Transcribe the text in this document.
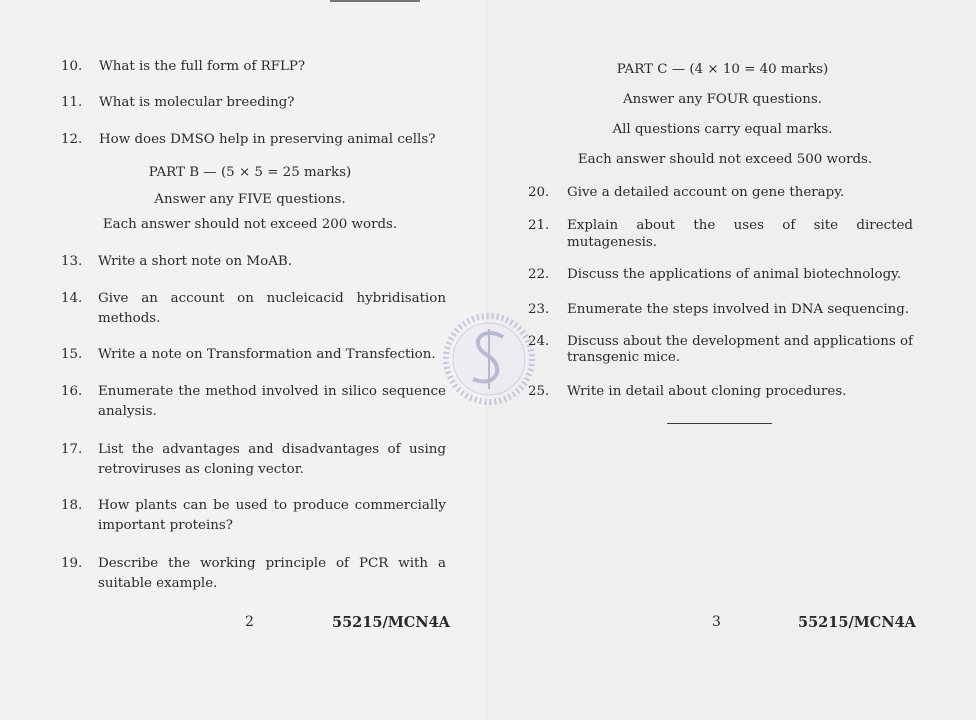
10. What is the full form of RFLP?
11. What is molecular breeding?
12. How does DMSO help in preserving animal cells?
PART B — (5 × 5 = 25 marks)
Answer any FIVE questions.
Each answer should not exceed 200 words.
13. Write a short note on MoAB.
14. Give an account on nucleicacid hybridisation
methods.
15. Write a note on Transformation and Transfection.
16. Enumerate the method involved in silico sequence
analysis.
17. List the advantages and disadvantages of using
retroviruses as cloning vector.
18. How plants can be used to produce commercially
important proteins?
19. Describe the working principle of PCR with a
suitable example.
2	55215/MCN4A
PART C — (4 × 10 = 40 marks)
Answer any FOUR questions.
All questions carry equal marks.
Each answer should not exceed 500 words.
20. Give a detailed account on gene therapy.
21. Explain about the uses of site directed
mutagenesis.
22. Discuss the applications of animal biotechnology.
23. Enumerate the steps involved in DNA sequencing.
24. Discuss about the development and applications of
transgenic mice.
25. Write in detail about cloning procedures.
3	55215/MCN4A
